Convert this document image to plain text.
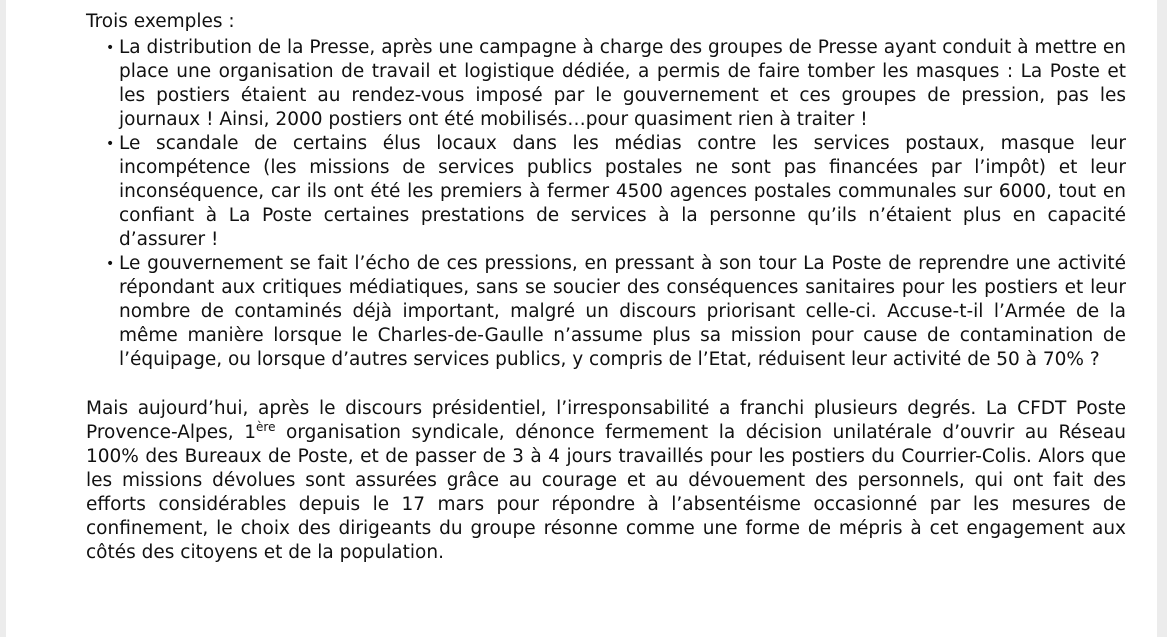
Trois exemples :
• La distribution de la Presse, après une campagne à charge des groupes de Presse ayant conduit à mettre en place une organisation de travail et logistique dédiée, a permis de faire tomber les masques : La Poste et les postiers étaient au rendez-vous imposé par le gouvernement et ces groupes de pression, pas les journaux ! Ainsi, 2000 postiers ont été mobilisés…pour quasiment rien à traiter !
• Le scandale de certains élus locaux dans les médias contre les services postaux, masque leur incompétence (les missions de services publics postales ne sont pas financées par l’impôt) et leur inconséquence, car ils ont été les premiers à fermer 4500 agences postales communales sur 6000, tout en confiant à La Poste certaines prestations de services à la personne qu’ils n’étaient plus en capacité d’assurer !
• Le gouvernement se fait l’écho de ces pressions, en pressant à son tour La Poste de reprendre une activité répondant aux critiques médiatiques, sans se soucier des conséquences sanitaires pour les postiers et leur nombre de contaminés déjà important, malgré un discours priorisant celle-ci. Accuse-t-il l’Armée de la même manière lorsque le Charles-de-Gaulle n’assume plus sa mission pour cause de contamination de l’équipage, ou lorsque d’autres services publics, y compris de l’Etat, réduisent leur activité de 50 à 70% ?

Mais aujourd’hui, après le discours présidentiel, l’irresponsabilité a franchi plusieurs degrés. La CFDT Poste Provence-Alpes, 1ère organisation syndicale, dénonce fermement la décision unilatérale d’ouvrir au Réseau 100% des Bureaux de Poste, et de passer de 3 à 4 jours travaillés pour les postiers du Courrier-Colis. Alors que les missions dévolues sont assurées grâce au courage et au dévouement des personnels, qui ont fait des efforts considérables depuis le 17 mars pour répondre à l’absentéisme occasionné par les mesures de confinement, le choix des dirigeants du groupe résonne comme une forme de mépris à cet engagement aux côtés des citoyens et de la population.
